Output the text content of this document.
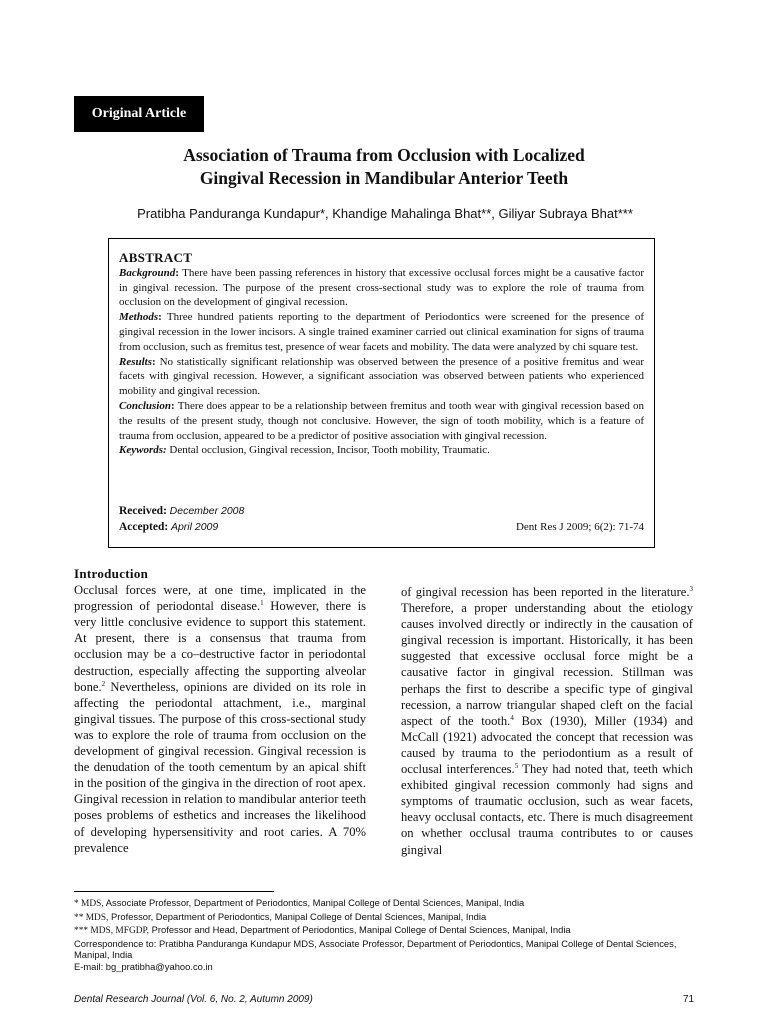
Original Article
Association of Trauma from Occlusion with Localized
Gingival Recession in Mandibular Anterior Teeth
Pratibha Panduranga Kundapur*, Khandige Mahalinga Bhat**, Giliyar Subraya Bhat***
ABSTRACT

Background: There have been passing references in history that excessive occlusal forces might be a causative factor in gingival recession. The purpose of the present cross-sectional study was to explore the role of trauma from occlusion on the development of gingival recession.

Methods: Three hundred patients reporting to the department of Periodontics were screened for the presence of gingival recession in the lower incisors. A single trained examiner carried out clinical examination for signs of trauma from occlusion, such as fremitus test, presence of wear facets and mobility. The data were analyzed by chi square test.

Results: No statistically significant relationship was observed between the presence of a positive fremitus and wear facets with gingival recession. However, a significant association was observed between patients who experienced mobility and gingival recession.

Conclusion: There does appear to be a relationship between fremitus and tooth wear with gingival recession based on the results of the present study, though not conclusive. However, the sign of tooth mobility, which is a feature of trauma from occlusion, appeared to be a predictor of positive association with gingival recession.

Keywords: Dental occlusion, Gingival recession, Incisor, Tooth mobility, Traumatic.

Received: December 2008
Accepted: April 2009	Dent Res J 2009; 6(2): 71-74
Introduction

Occlusal forces were, at one time, implicated in the progression of periodontal disease.$^1$ However, there is very little conclusive evidence to support this statement. At present, there is a consensus that trauma from occlusion may be a co–destructive factor in periodontal destruction, especially affecting the supporting alveolar bone.$^2$ Nevertheless, opinions are divided on its role in affecting the periodontal attachment, i.e., marginal gingival tissues. The purpose of this cross-sectional study was to explore the role of trauma from occlusion on the development of gingival recession. Gingival recession is the denudation of the tooth cementum by an apical shift in the position of the gingiva in the direction of root apex. Gingival recession in relation to mandibular anterior teeth poses problems of esthetics and increases the likelihood of developing hypersensitivity and root caries. A 70% prevalence

of gingival recession has been reported in the literature.$^3$ Therefore, a proper understanding about the etiology causes involved directly or indirectly in the causation of gingival recession is important. Historically, it has been suggested that excessive occlusal force might be a causative factor in gingival recession. Stillman was perhaps the first to describe a specific type of gingival recession, a narrow triangular shaped cleft on the facial aspect of the tooth.$^4$ Box (1930), Miller (1934) and McCall (1921) advocated the concept that recession was caused by trauma to the periodontium as a result of occlusal interferences.$^5$ They had noted that, teeth which exhibited gingival recession commonly had signs and symptoms of traumatic occlusion, such as wear facets, heavy occlusal contacts, etc. There is much disagreement on whether occlusal trauma contributes to or causes gingival

* MDS, Associate Professor, Department of Periodontics, Manipal College of Dental Sciences, Manipal, India
** MDS, Professor, Department of Periodontics, Manipal College of Dental Sciences, Manipal, India
*** MDS, MFGDP, Professor and Head, Department of Periodontics, Manipal College of Dental Sciences, Manipal, India
Correspondence to: Pratibha Panduranga Kundapur MDS, Associate Professor, Department of Periodontics, Manipal College of Dental Sciences, Manipal, India
E-mail: bg_pratibha@yahoo.co.in
Dental Research Journal (Vol. 6, No. 2, Autumn 2009)	71
